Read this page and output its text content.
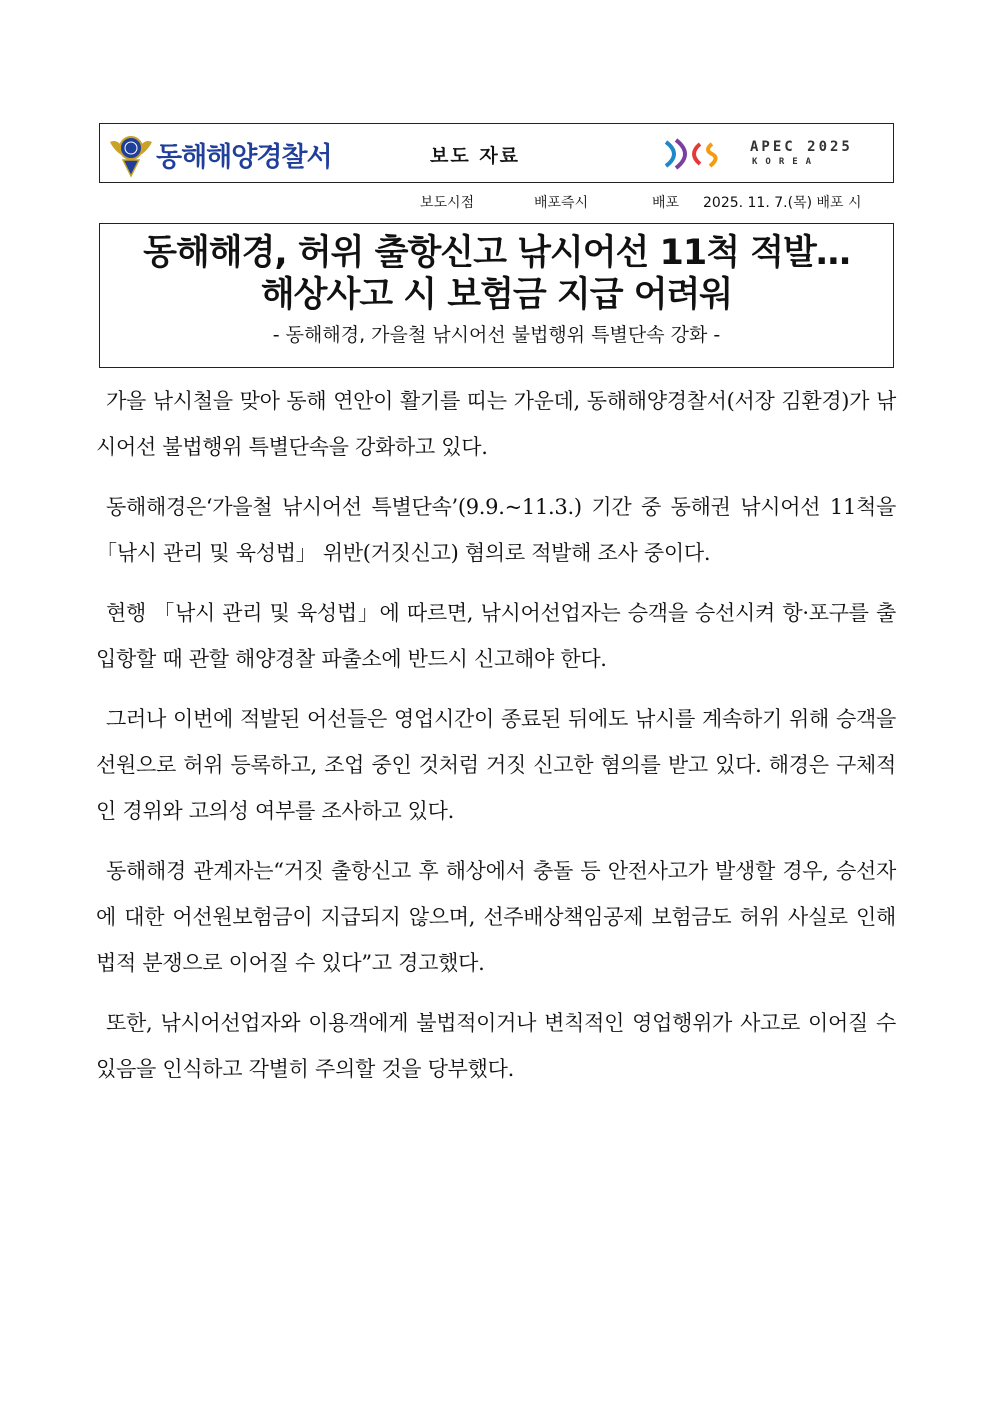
동해해양경찰서	보도 자료	APEC 2025
KOREA
보도시점	배포즉시	배포 2025. 11. 7.(목) 배포 시
동해해경, 허위 출항신고 낚시어선 11척 적발…
해상사고 시 보험금 지급 어려워
- 동해해경, 가을철 낚시어선 불법행위 특별단속 강화 -

가을 낚시철을 맞아 동해 연안이 활기를 띠는 가운데, 동해해양경찰서(서장 김환경)가 낚시어선 불법행위 특별단속을 강화하고 있다.

동해해경은‘가을철 낚시어선 특별단속’(9.9.~11.3.) 기간 중 동해권 낚시어선 11척을 「낚시 관리 및 육성법」 위반(거짓신고) 혐의로 적발해 조사 중이다.

현행 「낚시 관리 및 육성법」에 따르면, 낚시어선업자는 승객을 승선시켜 항·포구를 출입항할 때 관할 해양경찰 파출소에 반드시 신고해야 한다.

그러나 이번에 적발된 어선들은 영업시간이 종료된 뒤에도 낚시를 계속하기 위해 승객을 선원으로 허위 등록하고, 조업 중인 것처럼 거짓 신고한 혐의를 받고 있다. 해경은 구체적인 경위와 고의성 여부를 조사하고 있다.

동해해경 관계자는“거짓 출항신고 후 해상에서 충돌 등 안전사고가 발생할 경우, 승선자에 대한 어선원보험금이 지급되지 않으며, 선주배상책임공제 보험금도 허위 사실로 인해 법적 분쟁으로 이어질 수 있다”고 경고했다.

또한, 낚시어선업자와 이용객에게 불법적이거나 변칙적인 영업행위가 사고로 이어질 수 있음을 인식하고 각별히 주의할 것을 당부했다.
